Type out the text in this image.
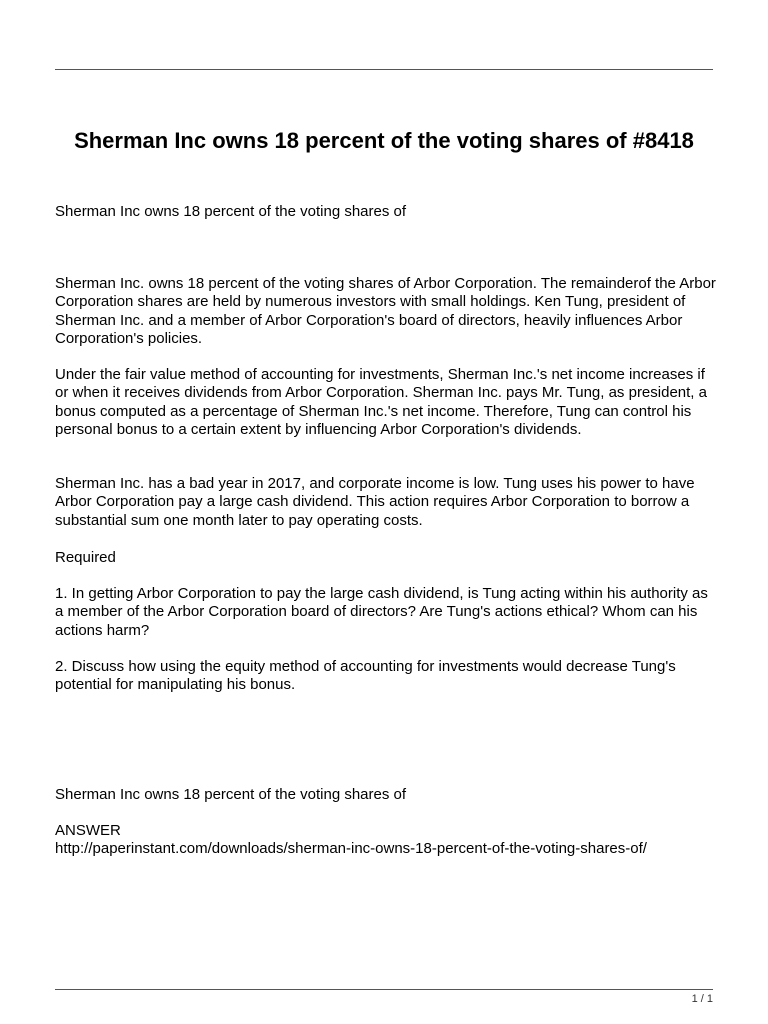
Sherman Inc owns 18 percent of the voting shares of #8418

Sherman Inc owns 18 percent of the voting shares of

Sherman Inc. owns 18 percent of the voting shares of Arbor Corporation. The remainderof the Arbor Corporation shares are held by numerous investors with small holdings. Ken Tung, president of Sherman Inc. and a member of Arbor Corporation's board of directors, heavily influences Arbor Corporation's policies.

Under the fair value method of accounting for investments, Sherman Inc.'s net income increases if or when it receives dividends from Arbor Corporation. Sherman Inc. pays Mr. Tung, as president, a bonus computed as a percentage of Sherman Inc.'s net income. Therefore, Tung can control his personal bonus to a certain extent by influencing Arbor Corporation's dividends.

Sherman Inc. has a bad year in 2017, and corporate income is low. Tung uses his power to have Arbor Corporation pay a large cash dividend. This action requires Arbor Corporation to borrow a substantial sum one month later to pay operating costs.

Required

1. In getting Arbor Corporation to pay the large cash dividend, is Tung acting within his authority as a member of the Arbor Corporation board of directors? Are Tung's actions ethical? Whom can his actions harm?

2. Discuss how using the equity method of accounting for investments would decrease Tung's potential for manipulating his bonus.

Sherman Inc owns 18 percent of the voting shares of

ANSWER

http://paperinstant.com/downloads/sherman-inc-owns-18-percent-of-the-voting-shares-of/

1 / 1
